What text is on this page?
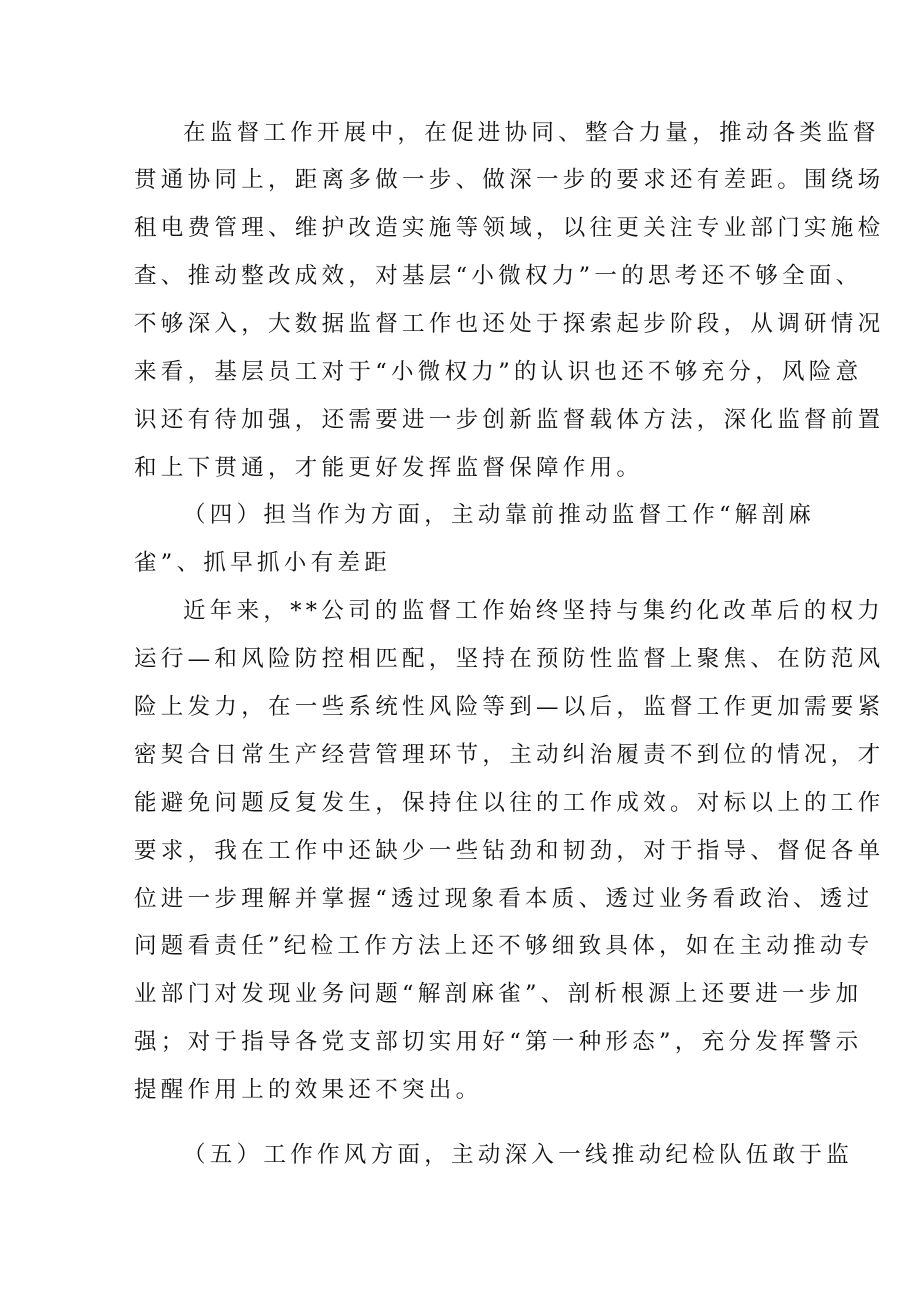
在监督工作开展中，在促进协同、整合力量，推动各类监督
贯通协同上，距离多做一步、做深一步的要求还有差距。围绕场
租电费管理、维护改造实施等领域，以往更关注专业部门实施检
查、推动整改成效，对基层“小微权力”一的思考还不够全面、
不够深入，大数据监督工作也还处于探索起步阶段，从调研情况
来看，基层员工对于“小微权力”的认识也还不够充分，风险意
识还有待加强，还需要进一步创新监督载体方法，深化监督前置
和上下贯通，才能更好发挥监督保障作用。
（四）担当作为方面，主动靠前推动监督工作“解剖麻
雀”、抓早抓小有差距
近年来，**公司的监督工作始终坚持与集约化改革后的权力
运行—和风险防控相匹配，坚持在预防性监督上聚焦、在防范风
险上发力，在一些系统性风险等到—以后，监督工作更加需要紧
密契合日常生产经营管理环节，主动纠治履责不到位的情况，才
能避免问题反复发生，保持住以往的工作成效。对标以上的工作
要求，我在工作中还缺少一些钻劲和韧劲，对于指导、督促各单
位进一步理解并掌握“透过现象看本质、透过业务看政治、透过
问题看责任”纪检工作方法上还不够细致具体，如在主动推动专
业部门对发现业务问题“解剖麻雀”、剖析根源上还要进一步加
强；对于指导各党支部切实用好“第一种形态”，充分发挥警示
提醒作用上的效果还不突出。
（五）工作作风方面，主动深入一线推动纪检队伍敢于监
